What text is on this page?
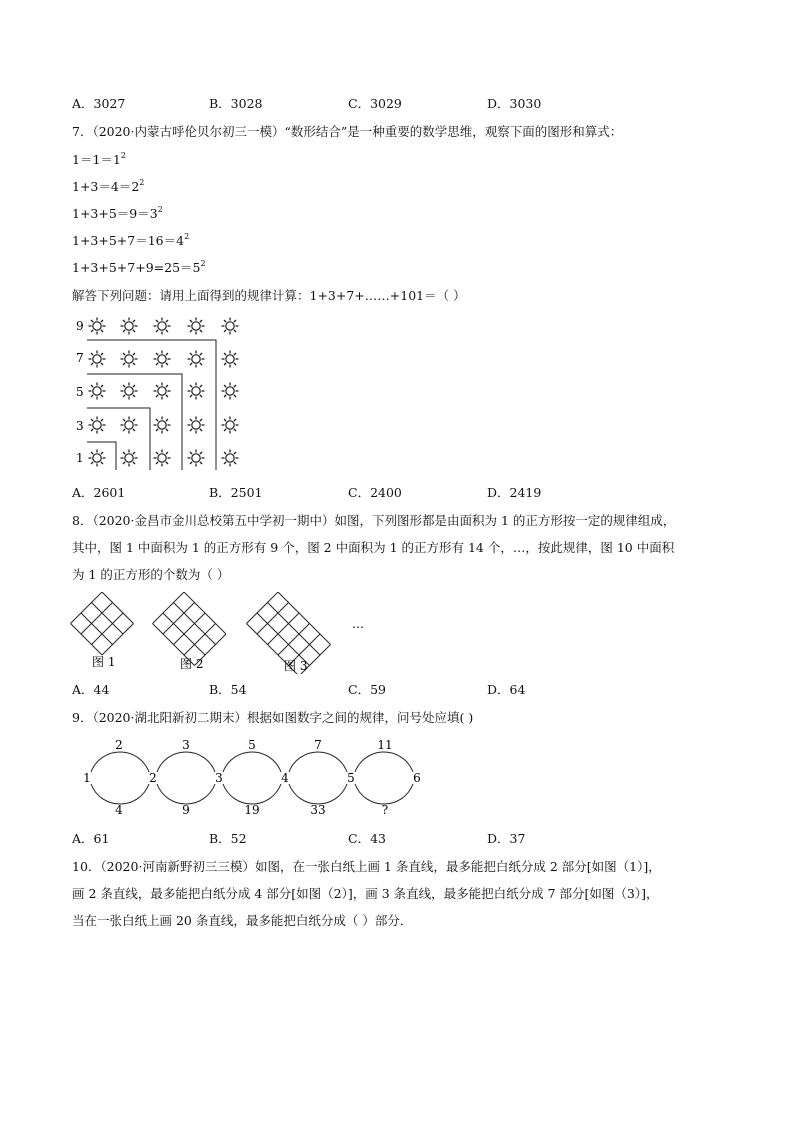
A．3027	B．3028	C．3029	D．3030
7．（2020·内蒙古呼伦贝尔初三一模）“数形结合”是一种重要的数学思维，观察下面的图形和算式：
$1=1=1^2$
$1+3=4=2^2$
$1+3+5=9=3^2$
$1+3+5+7=16=4^2$
$1+3+5+7+9=25=5^2$
解答下列问题：请用上面得到的规律计算：1+3+7+……+101＝（ ）
9
7
5
3
1
A．2601	B．2501	C．2400	D．2419
8．（2020·金昌市金川总校第五中学初一期中）如图，下列图形都是由面积为 1 的正方形按一定的规律组成，
其中，图 1 中面积为 1 的正方形有 9 个，图 2 中面积为 1 的正方形有 14 个，…，按此规律，图 10 中面积
为 1 的正方形的个数为（ ）
图 1	图 2	图 3
…
A．44	B．54	C．59	D．64
9．（2020·湖北阳新初二期末）根据如图数字之间的规律，问号处应填( )
1	2	3	4	5	6
2	3	5	7	11
4	9	19	33	?
A．61	B．52	C．43	D．37
10．（2020·河南新野初三三模）如图，在一张白纸上画 1 条直线，最多能把白纸分成 2 部分[如图（1）]，
画 2 条直线，最多能把白纸分成 4 部分[如图（2）]，画 3 条直线，最多能把白纸分成 7 部分[如图（3）]，
当在一张白纸上画 20 条直线，最多能把白纸分成（ ）部分．
